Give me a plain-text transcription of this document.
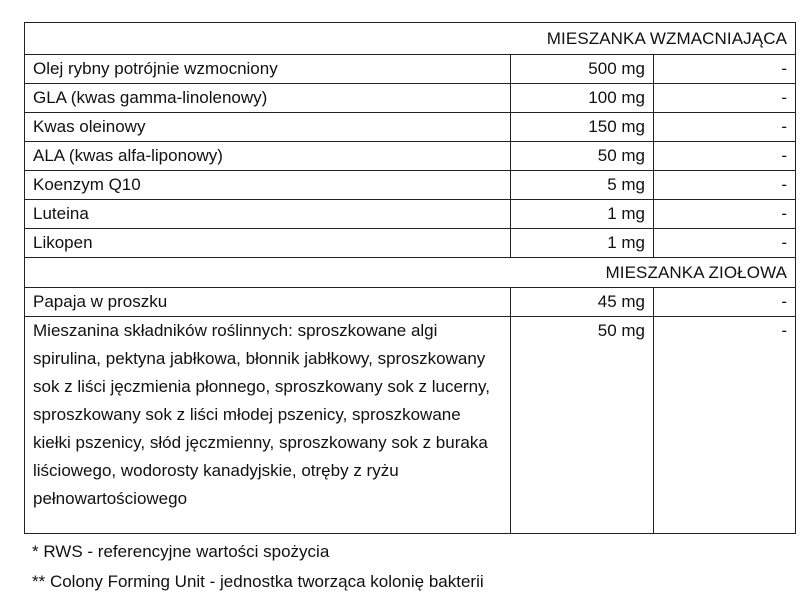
MIESZANKA WZMACNIAJĄCA		
Olej rybny potrójnie wzmocniony	500 mg	-
GLA (kwas gamma-linolenowy)	100 mg	-
Kwas oleinowy	150 mg	-
ALA (kwas alfa-liponowy)	50 mg	-
Koenzym Q10	5 mg	-
Luteina	1 mg	-
Likopen	1 mg	-
MIESZANKA ZIOŁOWA		
Papaja w proszku	45 mg	-
Mieszanina składników roślinnych: sproszkowane algi spirulina, pektyna jabłkowa, błonnik jabłkowy, sproszkowany sok z liści jęczmienia płonnego, sproszkowany sok z lucerny, sproszkowany sok z liści młodej pszenicy, sproszkowane kiełki pszenicy, słód jęczmienny, sproszkowany sok z buraka liściowego, wodorosty kanadyjskie, otręby z ryżu pełnowartościowego	50 mg	-
* RWS - referencyjne wartości spożycia
** Colony Forming Unit - jednostka tworząca kolonię bakterii
